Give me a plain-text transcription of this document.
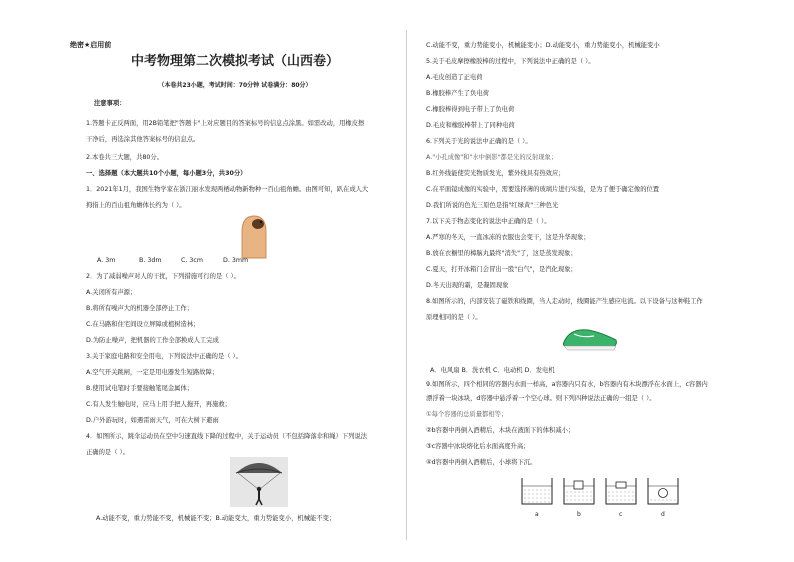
绝密★启用前
中考物理第二次模拟考试（山西卷）
（本卷共23小题，考试时间：70分钟 试卷满分：80分）
注意事项：
1.答题卡正反两面，用2B铅笔把"答题卡"上对应题目的答案标号的信息点涂黑。如需改动，用橡皮擦
干净后，再选涂其他答案标号的信息点。
2.本卷共三大题，共80分。
一、选择题（本大题共10个小题，每小题3分，共30分）
1．2021年1月，我国生物学家在浙江丽水发现两栖动物新物种一百山祖角蟾。由图可知，趴在成人大
拇指上的百山祖角蟾体长约为（ ）。
A. 3m	B. 3dm	C. 3cm	D. 3mm
2．为了减弱噪声对人的干扰，下列措施可行的是（ ）。
A.关闭所有声源；
B.将所有噪声大的机器全部停止工作；
C.在马路和住宅间设立屏障或植树造林；
D.为防止噪声，把机器的工作全部换成人工完成
3.关于家庭电路和安全用电，下列说法中正确的是（ ）。
A.空气开关跳闸，一定是用电器发生短路故障；
B.使用试电笔时手要接触笔尾金属体；
C.有人发生触电时，应马上用手把人拖开，再施救；
D.户外游玩时，如遇雷雨天气，可在大树下避雨
4．如图所示，跳伞运动员在空中匀速直线下降的过程中，关于运动员（不包括降落伞和绳）下列说法
正确的是（ ）。
A.动能不变，重力势能不变，机械能不变；B.动能变大，重力势能变小，机械能不变；
C.动能不变，重力势能变小，机械能变小；D.动能变小，重力势能变小，机械能变小
5.关于毛皮摩擦橡胶棒的过程中，下列说法中正确的是（ ）。
A.毛皮创造了正电荷
B.橡胶棒产生了负电荷
C.橡胶棒得到电子带上了负电荷
D.毛皮和橡胶棒带上了同种电荷
6.下列关于光的说法中正确的是（ ）。
A."小孔成像"和"水中倒影"都是光的反射现象；
B.红外线能使荧光物质发光，紫外线具有热效应；
C.在平面镜成像的实验中，需要选择薄的玻璃片进行实验，是为了便于确定像的位置
D.我们所说的色光三原色是指"红绿黄"三种色光
7.以下关于物态变化的说法中正确的是（ ）。
A.严寒的冬天，一直冰冻的衣服也会变干，这是升华现象；
B.放在衣橱里的樟脑丸最终"消失"了，这是蒸发现象；
C.夏天，打开冰箱门会冒出一股"白气"，是汽化现象；
D.冬天出现的霜，是凝固现象
8.如图所示的，内部安装了磁铁和线圈，当人走动时，线圈能产生感应电流。以下设备与这种鞋工作
原理相同的是（ ）。
A．电风扇 B．洗衣机 C．电动机 D．发电机
9.如图所示，四个相同的容器内水面一样高，a容器内只有水，b容器内有木块漂浮在水面上，c容器内
漂浮着一块冰块，d容器中悬浮着一个空心球。则下列四种说法正确的一组是（ ）。
①每个容器的总质量都相等；
②b容器中再倒入酒精后，木块在液面下的体积减小；
③c容器中冰块熔化后水面高度升高；
④d容器中再倒入酒精后，小球将下沉。
a	b	c	d
